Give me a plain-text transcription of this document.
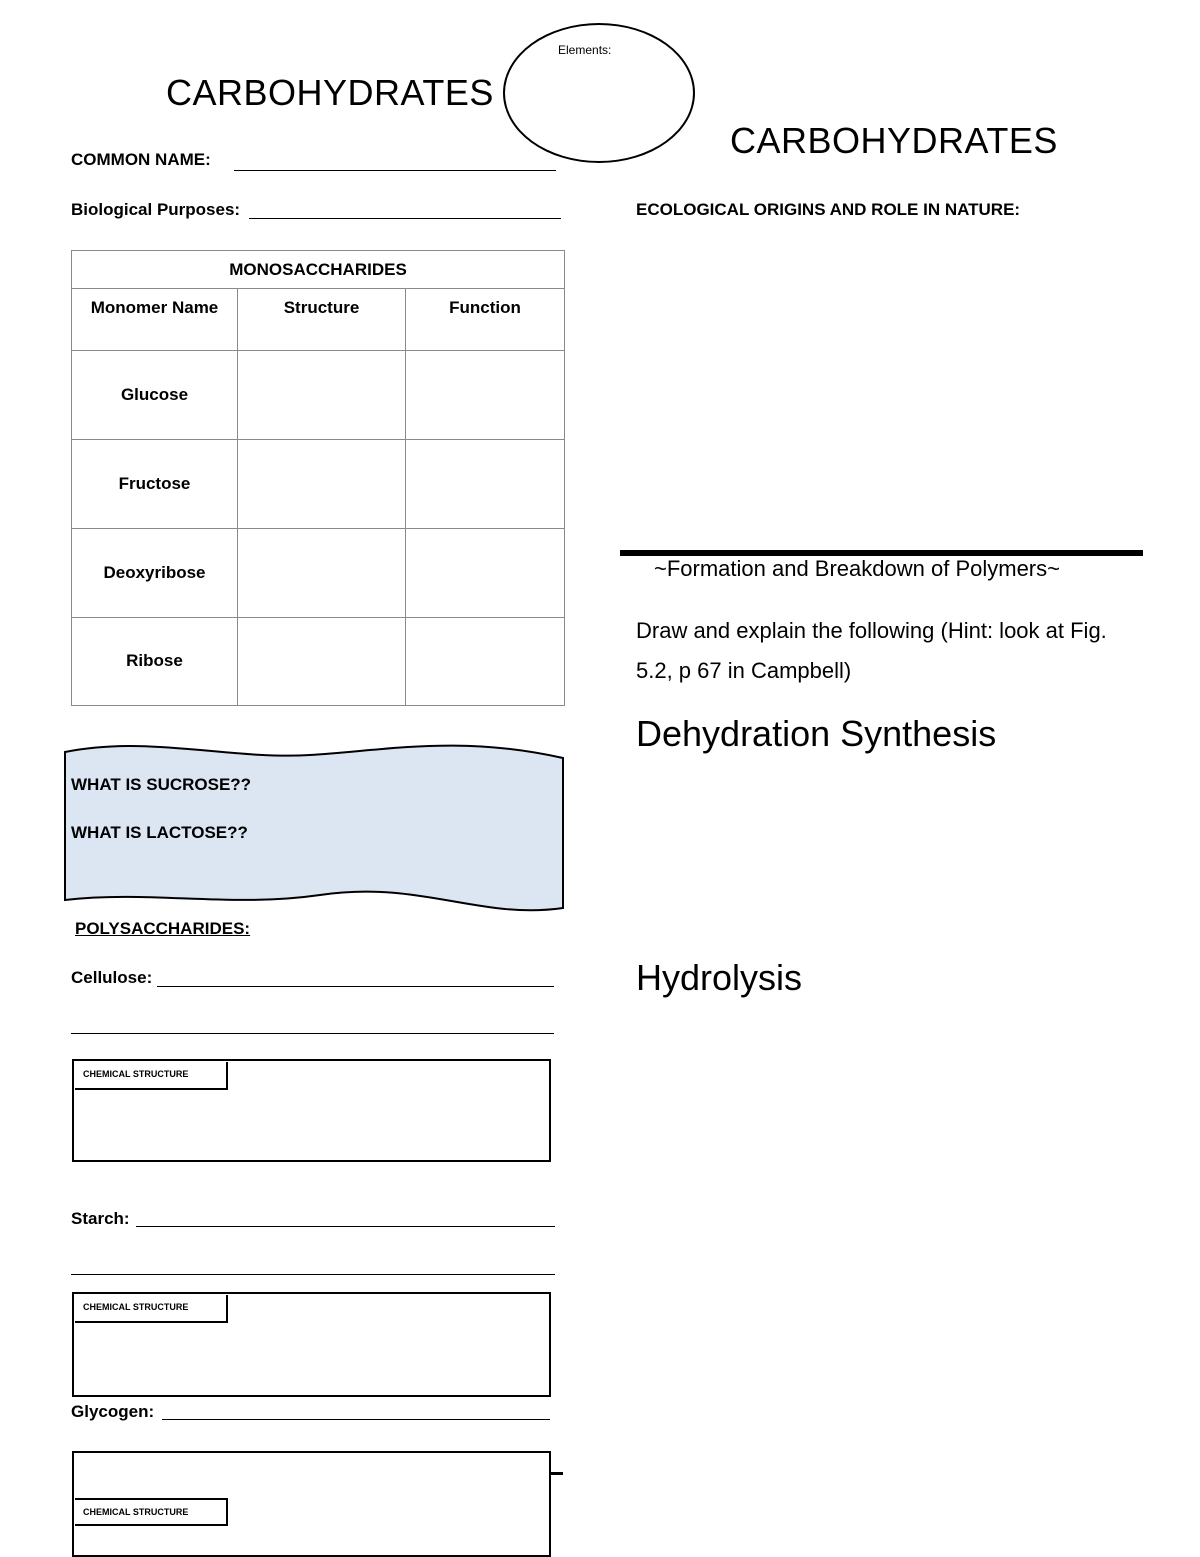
CARBOHYDRATES
Elements:
COMMON NAME:
Biological Purposes:
MONOSACCHARIDES		
Monomer Name	Structure	Function
Glucose		
Fructose		
Deoxyribose		
Ribose		
WHAT IS SUCROSE??
WHAT IS LACTOSE??
POLYSACCHARIDES:
Cellulose:
CHEMICAL STRUCTURE
Starch:
CHEMICAL STRUCTURE
Glycogen:
CHEMICAL STRUCTURE
CARBOHYDRATES
ECOLOGICAL ORIGINS AND ROLE IN NATURE:
~Formation and Breakdown of Polymers~
Draw and explain the following (Hint: look at Fig. 5.2, p 67 in Campbell)
Dehydration Synthesis
Hydrolysis
